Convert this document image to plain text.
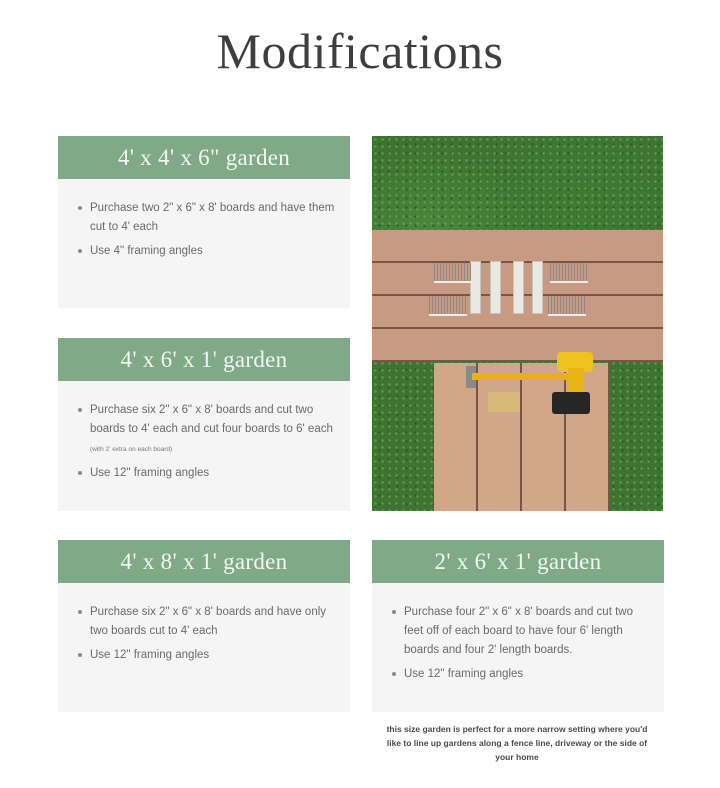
Modifications
4' x 4' x 6" garden
Purchase two 2" x 6" x 8' boards and have them cut to 4' each
Use 4" framing angles
4' x 6' x 1' garden
Purchase six 2" x 6" x 8' boards and cut two boards to 4' each and cut four boards to 6' each (with 2' extra on each board)
Use 12" framing angles
4' x 8' x 1' garden
Purchase six 2" x 6" x 8' boards and have only two boards cut to 4' each
Use 12" framing angles
2' x 6' x 1' garden
Purchase four 2" x 6" x 8' boards and cut two feet off of each board to have four 6' length boards and four 2' length boards.
Use 12" framing angles
this size garden is perfect for a more narrow setting where you'd like to line up gardens along a fence line, driveway or the side of your home
